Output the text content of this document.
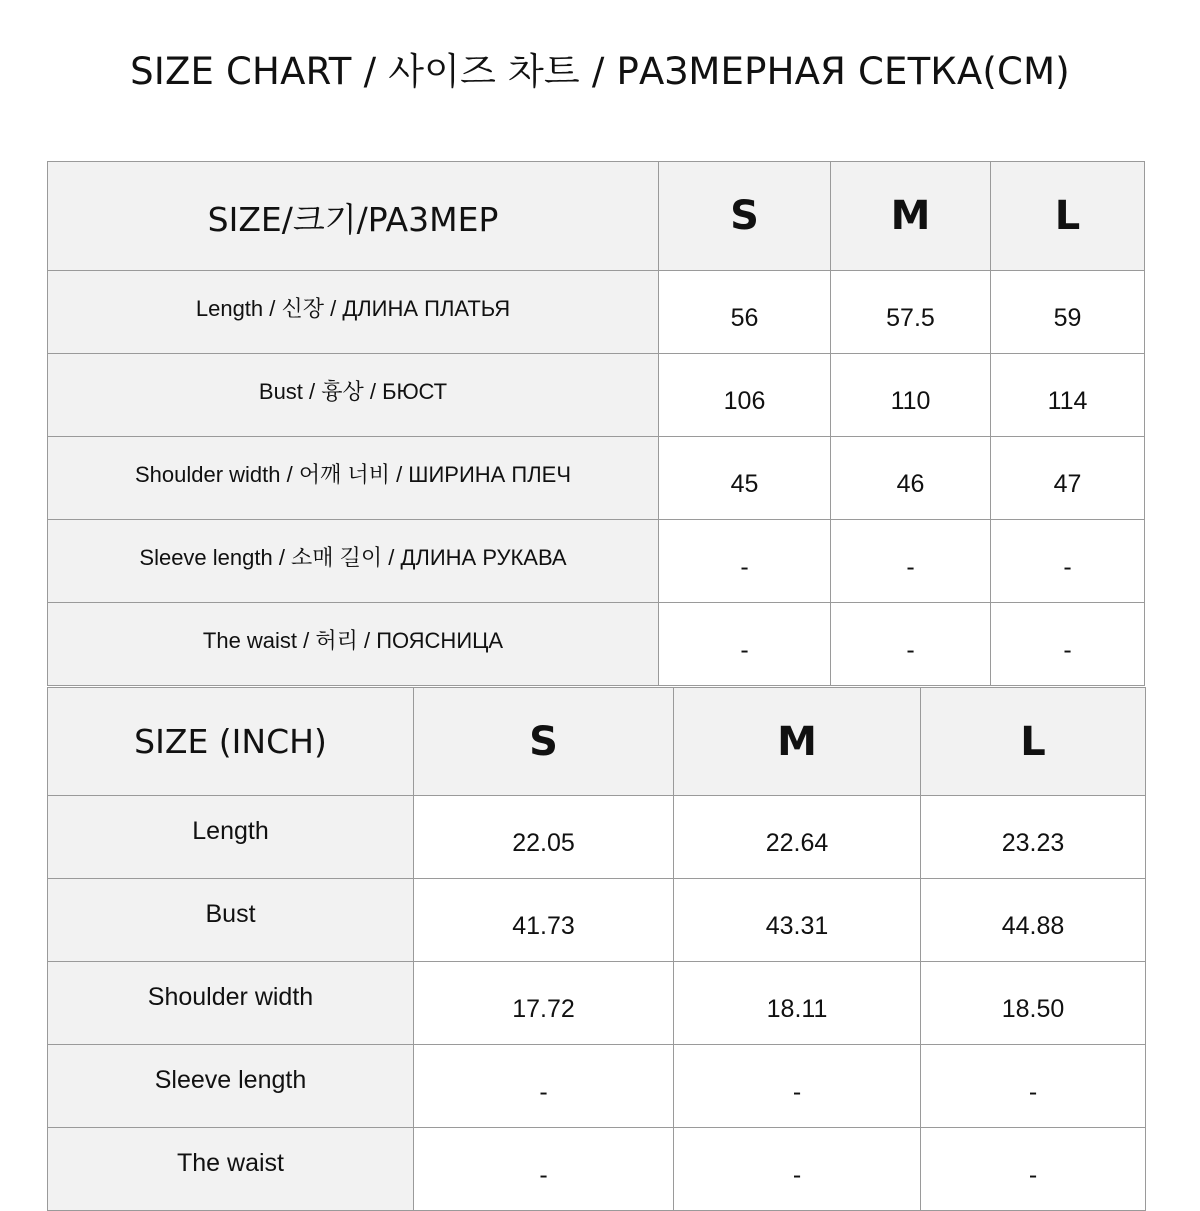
SIZE CHART / 사이즈 차트 / РАЗМЕРНАЯ СЕТКА(CM)
SIZE/크기/PA3MEP	S	M	L
Length / 신장 / ДЛИНА ПЛАТЬЯ	56	57.5	59
Bust / 흉상 / БЮСТ	106	110	114
Shoulder width / 어깨 너비 / ШИРИНА ПЛЕЧ	45	46	47
Sleeve length / 소매 길이 / ДЛИНА РУКАВА	-	-	-
The waist / 허리 / ПОЯСНИЦА	-	-	-
SIZE (INCH)	S	M	L
Length	22.05	22.64	23.23
Bust	41.73	43.31	44.88
Shoulder width	17.72	18.11	18.50
Sleeve length	-	-	-
The waist	-	-	-
